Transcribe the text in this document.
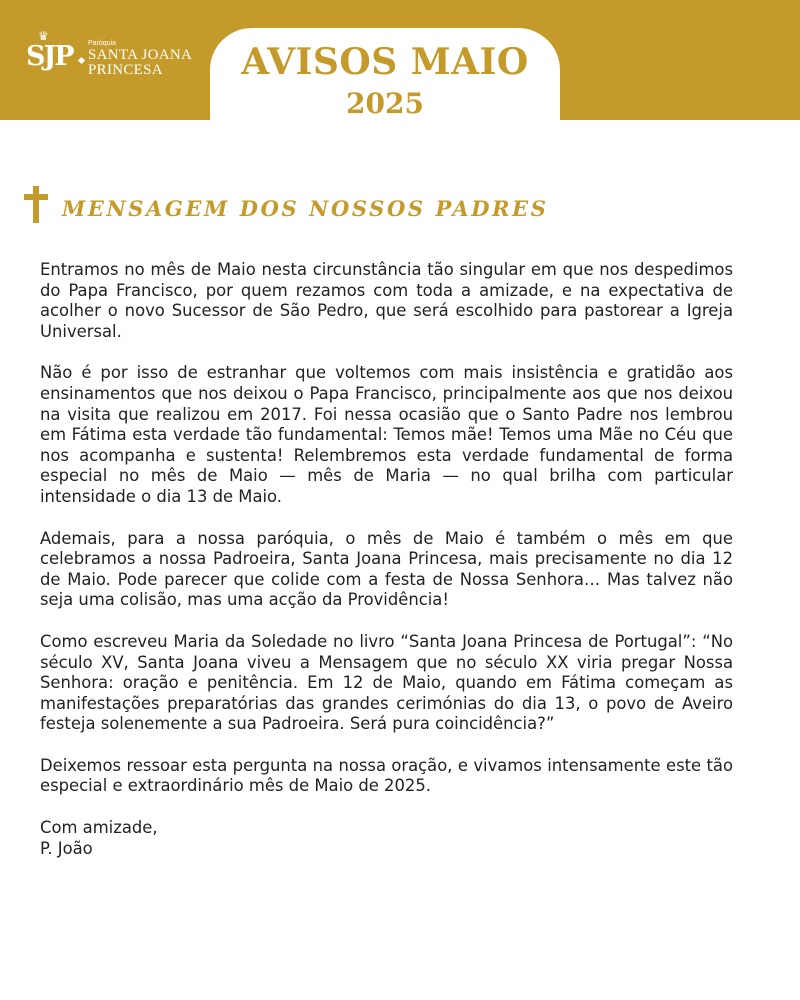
♛
SJP Paróquia
SANTA JOANA
PRINCESA	AVISOS MAIO
2025
MENSAGEM DOS NOSSOS PADRES

Entramos no mês de Maio nesta circunstância tão singular em que nos despedimos do Papa Francisco, por quem rezamos com toda a amizade, e na expectativa de acolher o novo Sucessor de São Pedro, que será escolhido para pastorear a Igreja Universal.

Não é por isso de estranhar que voltemos com mais insistência e gratidão aos ensinamentos que nos deixou o Papa Francisco, principalmente aos que nos deixou na visita que realizou em 2017. Foi nessa ocasião que o Santo Padre nos lembrou em Fátima esta verdade tão fundamental: Temos mãe! Temos uma Mãe no Céu que nos acompanha e sustenta! Relembremos esta verdade fundamental de forma especial no mês de Maio — mês de Maria — no qual brilha com particular intensidade o dia 13 de Maio.

Ademais, para a nossa paróquia, o mês de Maio é também o mês em que celebramos a nossa Padroeira, Santa Joana Princesa, mais precisamente no dia 12 de Maio. Pode parecer que colide com a festa de Nossa Senhora… Mas talvez não seja uma colisão, mas uma acção da Providência!

Como escreveu Maria da Soledade no livro “Santa Joana Princesa de Portugal”: “No século XV, Santa Joana viveu a Mensagem que no século XX viria pregar Nossa Senhora: oração e penitência. Em 12 de Maio, quando em Fátima começam as manifestações preparatórias das grandes cerimónias do dia 13, o povo de Aveiro festeja solenemente a sua Padroeira. Será pura coincidência?”

Deixemos ressoar esta pergunta na nossa oração, e vivamos intensamente este tão especial e extraordinário mês de Maio de 2025.

Com amizade,
P. João
